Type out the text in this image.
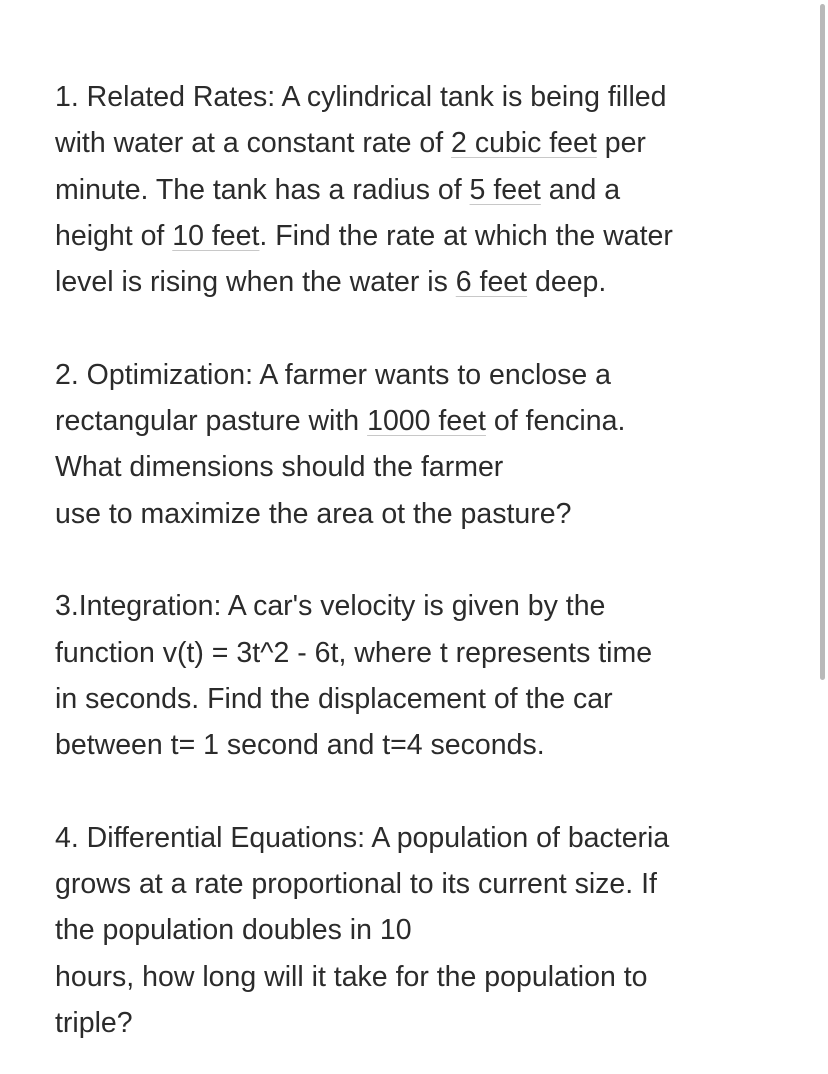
1. Related Rates: A cylindrical tank is being filled
with water at a constant rate of 2 cubic feet per
minute. The tank has a radius of 5 feet and a
height of 10 feet. Find the rate at which the water
level is rising when the water is 6 feet deep.
2. Optimization: A farmer wants to enclose a
rectangular pasture with 1000 feet of fencina.
What dimensions should the farmer
use to maximize the area ot the pasture?
3.Integration: A car's velocity is given by the
function v(t) = 3t^2 - 6t, where t represents time
in seconds. Find the displacement of the car
between t= 1 second and t=4 seconds.
4. Differential Equations: A population of bacteria
grows at a rate proportional to its current size. If
the population doubles in 10
hours, how long will it take for the population to
triple?
